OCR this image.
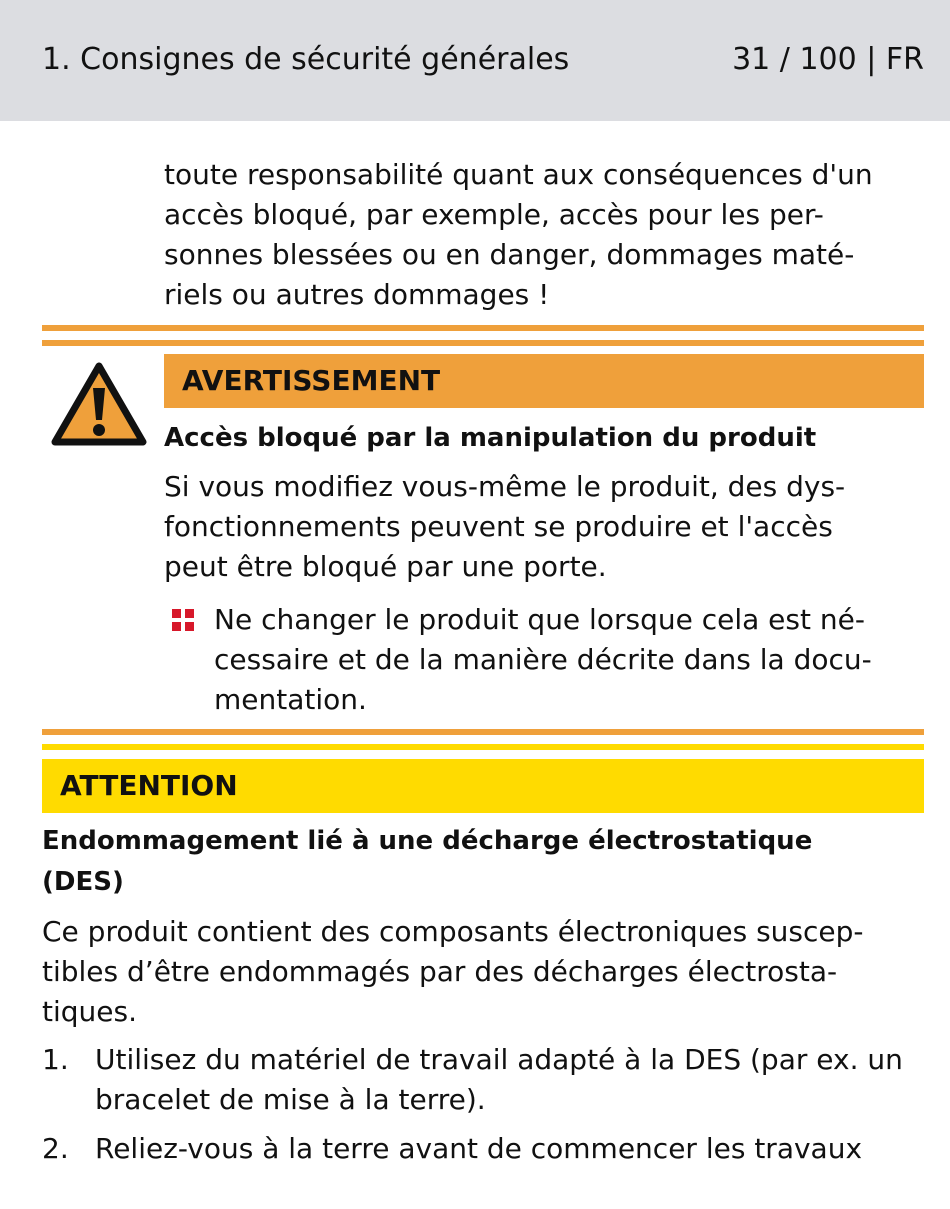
1. Consignes de sécurité générales	31 / 100 | FR
toute responsabilité quant aux conséquences d'un
accès bloqué, par exemple, accès pour les per-
sonnes blessées ou en danger, dommages maté-
riels ou autres dommages !
AVERTISSEMENT
Accès bloqué par la manipulation du produit
Si vous modifiez vous-même le produit, des dys-
fonctionnements peuvent se produire et l'accès
peut être bloqué par une porte.
Ne changer le produit que lorsque cela est né-
cessaire et de la manière décrite dans la docu-
mentation.
ATTENTION
Endommagement lié à une décharge électrostatique
(DES)
Ce produit contient des composants électroniques suscep-
tibles d’être endommagés par des décharges électrosta-
tiques.
1. Utilisez du matériel de travail adapté à la DES (par ex. un
bracelet de mise à la terre).
2. Reliez-vous à la terre avant de commencer les travaux
